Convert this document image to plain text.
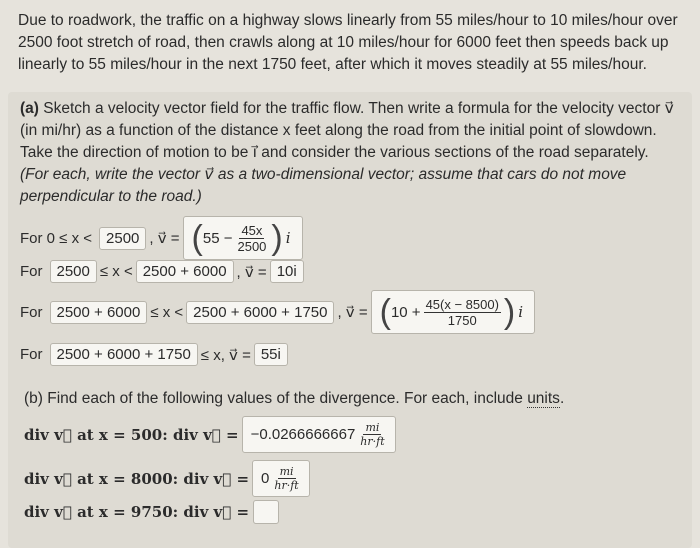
Due to roadwork, the traffic on a highway slows linearly from 55 miles/hour to 10 miles/hour over 2500 foot stretch of road, then crawls along at 10 miles/hour for 6000 feet then speeds back up linearly to 55 miles/hour in the next 1750 feet, after which it moves steadily at 55 miles/hour.
(a) Sketch a velocity vector field for the traffic flow. Then write a formula for the velocity vector v⃗ (in mi/hr) as a function of the distance x feet along the road from the initial point of slowdown. Take the direction of motion to be i⃗ and consider the various sections of the road separately. (For each, write the vector v⃗ as a two-dimensional vector; assume that cars do not move perpendicular to the road.)
For 0 ≤ x < 2500 , v⃗ = ( $55 - \frac{45x}{2500}$ ) i
For 2500 ≤ x < 2500 + 6000 , v⃗ = 10i
For 2500 + 6000 ≤ x < 2500 + 6000 + 1750 , v⃗ = ( $10 + \frac{45(x - 8500)}{1750}$ ) i
For 2500 + 6000 + 1750 ≤ x, v⃗ = 55i
(b) Find each of the following values of the divergence. For each, include units.
div v⃗ at x = 500: div v⃗ = $-0.0266666667 \frac{mi}{hr\cdot ft}$
div v⃗ at x = 8000: div v⃗ = $0 \frac{mi}{hr\cdot ft}$
div v⃗ at x = 9750: div v⃗ =
